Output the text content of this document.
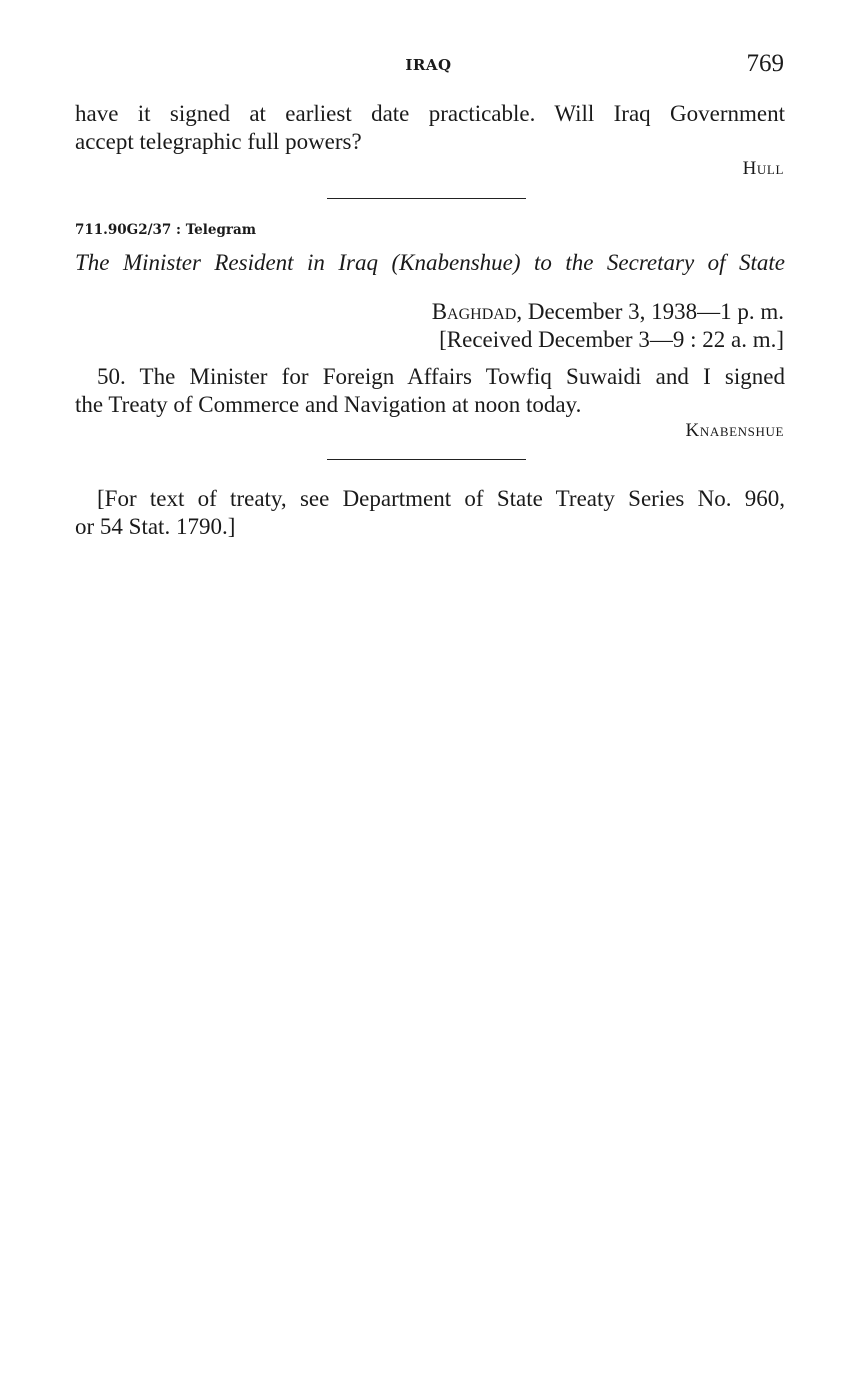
IRAQ	769
have it signed at earliest date practicable. Will Iraq Government
accept telegraphic full powers?
Hull
711.90G2/37 : Telegram
The Minister Resident in Iraq (Knabenshue) to the Secretary of State
Baghdad, December 3, 1938—1 p. m.
[Received December 3—9 : 22 a. m.]
50. The Minister for Foreign Affairs Towfiq Suwaidi and I signed
the Treaty of Commerce and Navigation at noon today.
Knabenshue
[For text of treaty, see Department of State Treaty Series No. 960,
or 54 Stat. 1790.]
